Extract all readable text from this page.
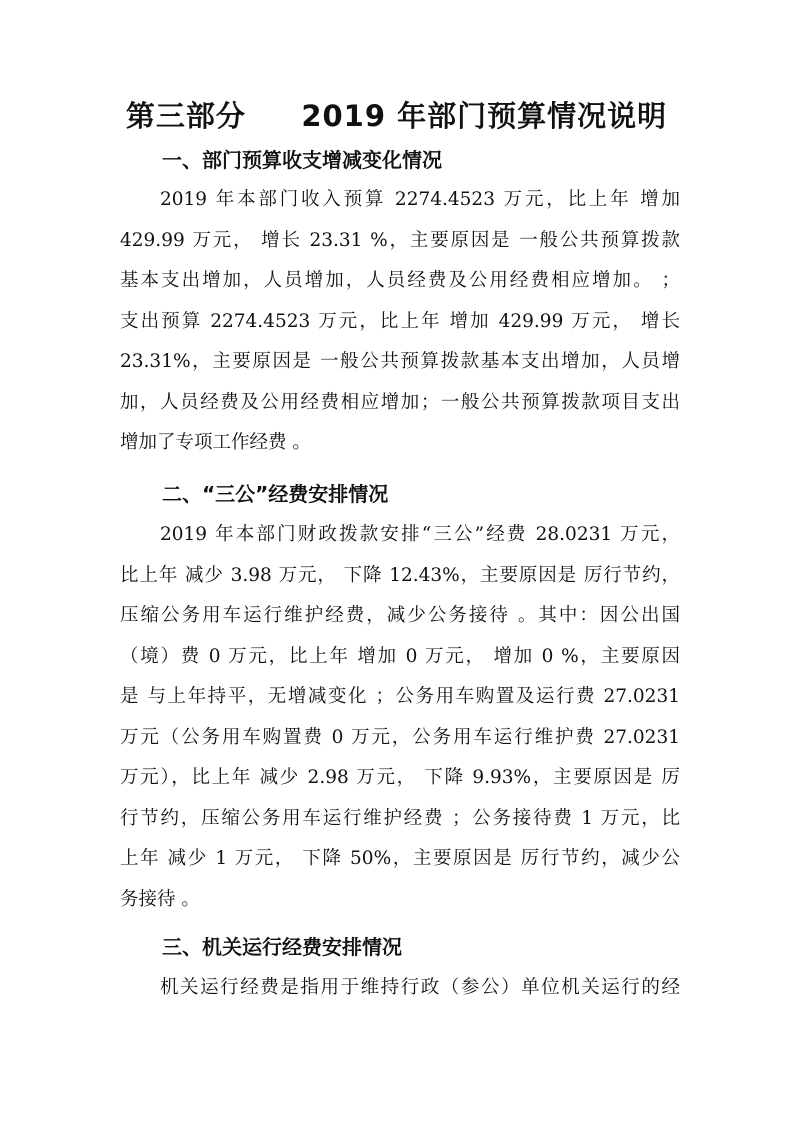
第三部分     2019 年部门预算情况说明
一、部门预算收支增减变化情况
2019 年本部门收入预算 2274.4523 万元，比上年 增加
429.99 万元， 增长 23.31 %，主要原因是 一般公共预算拨款
基本支出增加，人员增加，人员经费及公用经费相应增加。 ；
支出预算 2274.4523 万元，比上年 增加 429.99 万元， 增长
23.31%，主要原因是 一般公共预算拨款基本支出增加，人员增
加，人员经费及公用经费相应增加；一般公共预算拨款项目支出
增加了专项工作经费 。
二、“三公”经费安排情况
2019 年本部门财政拨款安排“三公”经费 28.0231 万元，
比上年 减少 3.98 万元， 下降 12.43%，主要原因是 厉行节约，
压缩公务用车运行维护经费，减少公务接待 。其中：因公出国
（境）费 0 万元，比上年 增加 0 万元， 增加 0 %，主要原因
是 与上年持平，无增减变化 ；公务用车购置及运行费 27.0231
万元（公务用车购置费 0 万元，公务用车运行维护费 27.0231
万元），比上年 减少 2.98 万元， 下降 9.93%，主要原因是 厉
行节约，压缩公务用车运行维护经费 ；公务接待费 1 万元，比
上年 减少 1 万元， 下降 50%，主要原因是 厉行节约，减少公
务接待 。
三、机关运行经费安排情况
机关运行经费是指用于维持行政（参公）单位机关运行的经
